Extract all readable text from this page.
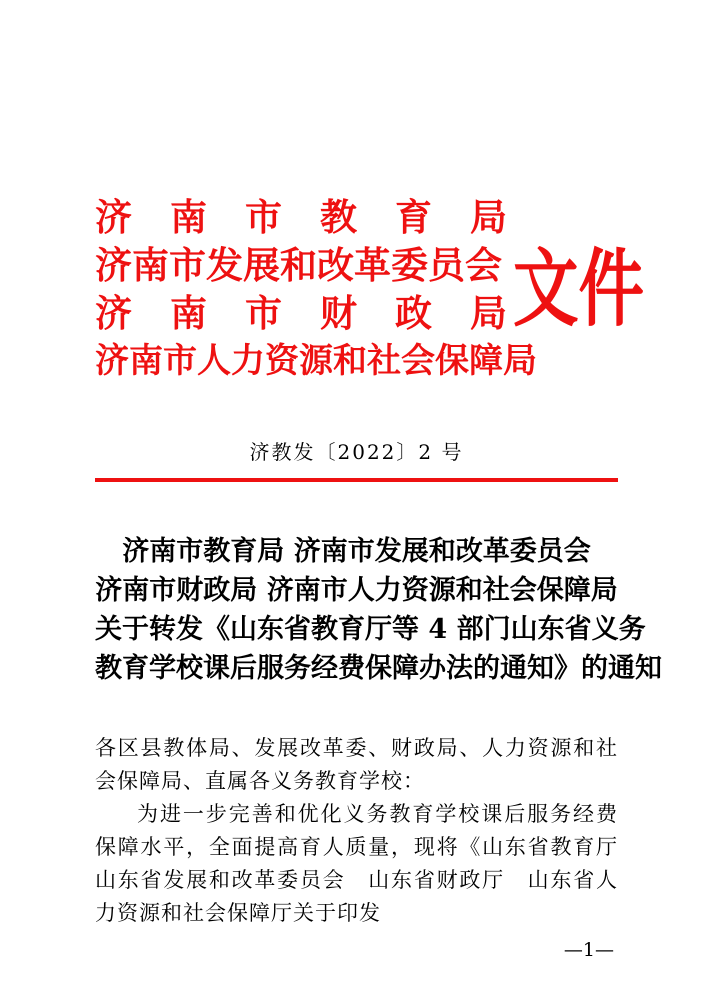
济南市教育局
济南市发展和改革委员会
济南市财政局
济南市人力资源和社会保障局
文件
济教发〔2022〕2 号
济南市教育局 济南市发展和改革委员会
济南市财政局 济南市人力资源和社会保障局
关于转发《山东省教育厅等 4 部门山东省义务
教育学校课后服务经费保障办法的通知》的通知

各区县教体局、发展改革委、财政局、人力资源和社会保障局、直属各义务教育学校：

为进一步完善和优化义务教育学校课后服务经费保障水平，全面提高育人质量，现将《山东省教育厅　山东省发展和改革委员会　山东省财政厅　山东省人力资源和社会保障厅关于印发

—1—
